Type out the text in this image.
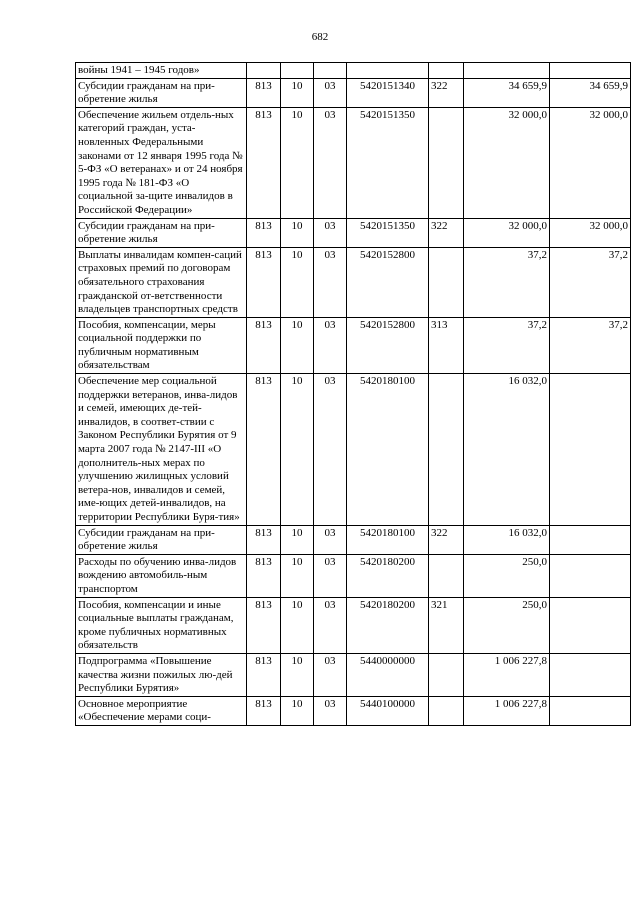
682
войны 1941 – 1945 годов»							
Субсидии гражданам на при-обретение жилья	813	10	03	5420151340	322	34 659,9	34 659,9
Обеспечение жильем отдель-ных категорий граждан, уста-новленных Федеральными законами от 12 января 1995 года № 5-ФЗ «О ветеранах» и от 24 ноября 1995 года № 181-ФЗ «О социальной за-щите инвалидов в Российской Федерации»	813	10	03	5420151350		32 000,0	32 000,0
Субсидии гражданам на при-обретение жилья	813	10	03	5420151350	322	32 000,0	32 000,0
Выплаты инвалидам компен-саций страховых премий по договорам обязательного страхования гражданской от-ветственности владельцев транспортных средств	813	10	03	5420152800		37,2	37,2
Пособия, компенсации, меры социальной поддержки по публичным нормативным обязательствам	813	10	03	5420152800	313	37,2	37,2
Обеспечение мер социальной поддержки ветеранов, инва-лидов и семей, имеющих де-тей-инвалидов, в соответ-ствии с Законом Республики Бурятия от 9 марта 2007 года № 2147-III «О дополнитель-ных мерах по улучшению жилищных условий ветера-нов, инвалидов и семей, име-ющих детей-инвалидов, на территории Республики Буря-тия»	813	10	03	5420180100		16 032,0	
Субсидии гражданам на при-обретение жилья	813	10	03	5420180100	322	16 032,0	
Расходы по обучению инва-лидов вождению автомобиль-ным транспортом	813	10	03	5420180200		250,0	
Пособия, компенсации и иные социальные выплаты гражданам, кроме публичных нормативных обязательств	813	10	03	5420180200	321	250,0	
Подпрограмма «Повышение качества жизни пожилых лю-дей Республики Бурятия»	813	10	03	5440000000		1 006 227,8	
Основное мероприятие «Обеспечение мерами соци-	813	10	03	5440100000		1 006 227,8	
